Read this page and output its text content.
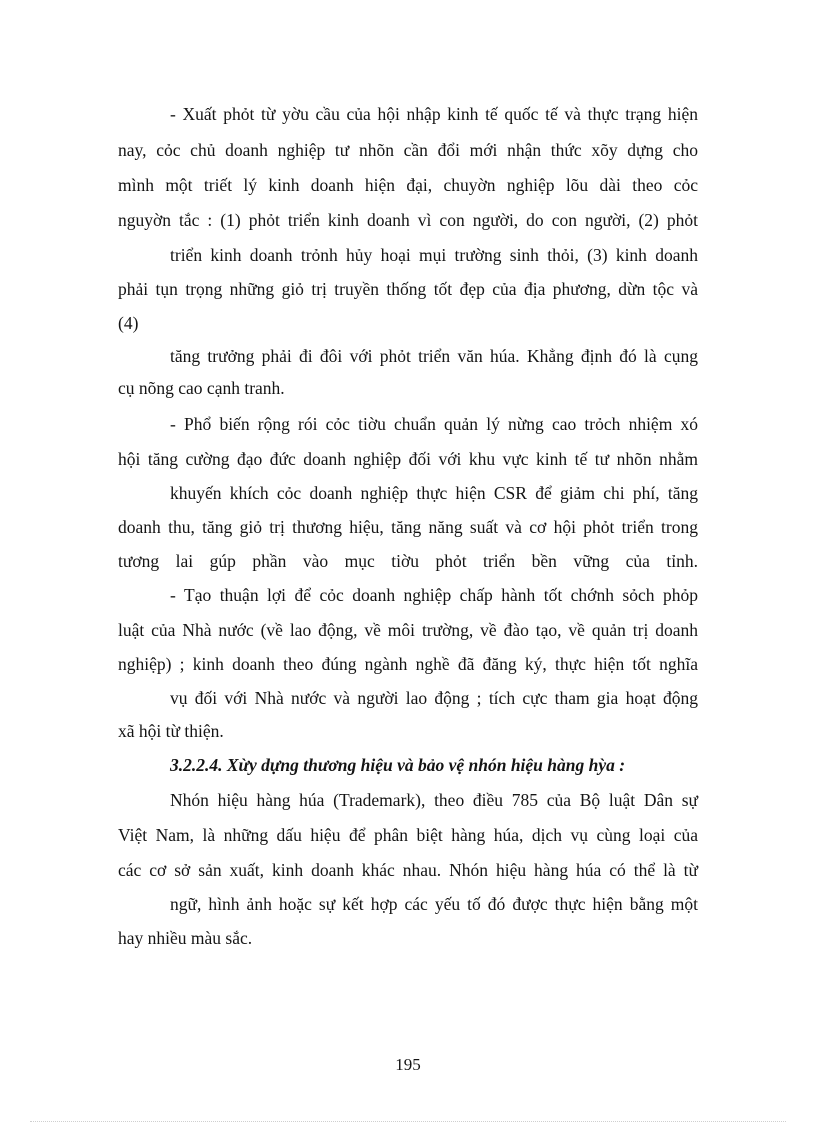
- Xuất phỏt từ yờu cầu của hội nhập kinh tế quốc tế và thực trạng hiện
nay, cỏc chủ doanh nghiệp tư nhõn cần đổi mới nhận thức xõy dựng cho
mình một triết lý kinh doanh hiện đại, chuyờn nghiệp lõu dài theo cỏc
nguyờn tắc : (1) phỏt triển kinh doanh vì con người, do con người, (2) phỏt
triển kinh doanh trỏnh hủy hoại mụi trường sinh thỏi, (3) kinh doanh
phải tụn trọng những giỏ trị truyền thống tốt đẹp của địa phương, dừn tộc và
(4)
tăng trưởng phải đi đôi với phỏt triển văn húa. Khẳng định đó là cụng
cụ nõng cao cạnh tranh.
- Phổ biến rộng rói cỏc tiờu chuẩn quản lý nừng cao trỏch nhiệm xó
hội tăng cường đạo đức doanh nghiệp đối với khu vực kinh tế tư nhõn nhằm
khuyến khích cỏc doanh nghiệp thực hiện CSR để giảm chi phí, tăng
doanh thu, tăng giỏ trị thương hiệu, tăng năng suất và cơ hội phỏt triển trong
tương lai gúp phần vào mục tiờu phỏt triển bền vững của tỉnh.
- Tạo thuận lợi để cỏc doanh nghiệp chấp hành tốt chớnh sỏch phỏp
luật của Nhà nước (về lao động, về môi trường, về đào tạo, về quản trị doanh
nghiệp) ; kinh doanh theo đúng ngành nghề đã đăng ký, thực hiện tốt nghĩa
vụ đối với Nhà nước và người lao động ; tích cực tham gia hoạt động
xã hội từ thiện.
3.2.2.4. Xừy dựng thương hiệu và bảo vệ nhón hiệu hàng hỳa :
Nhón hiệu hàng húa (Trademark), theo điều 785 của Bộ luật Dân sự
Việt Nam, là những dấu hiệu để phân biệt hàng húa, dịch vụ cùng loại của
các cơ sở sản xuất, kinh doanh khác nhau. Nhón hiệu hàng húa có thể là từ
ngữ, hình ảnh hoặc sự kết hợp các yếu tố đó được thực hiện bằng một
hay nhiều màu sắc.
195
